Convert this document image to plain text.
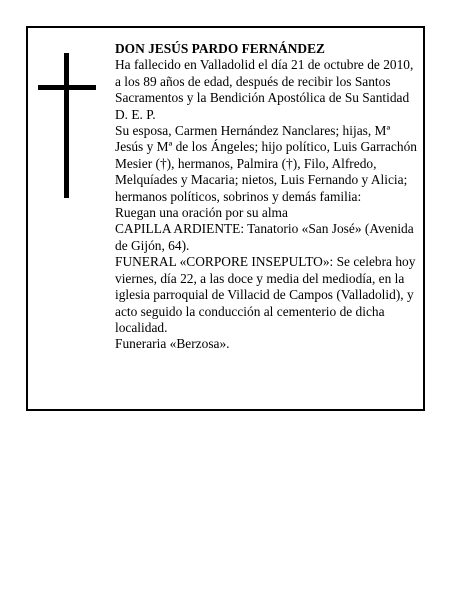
DON JESÚS PARDO FERNÁNDEZ

Ha fallecido en Valladolid el día 21 de octubre de 2010, a los 89 años de edad, después de recibir los Santos Sacramentos y la Bendición Apostólica de Su Santidad

D. E. P.

Su esposa, Carmen Hernández Nanclares; hijas, Mª Jesús y Mª de los Ángeles; hijo político, Luis Garrachón Mesier (†), hermanos, Palmira (†), Filo, Alfredo, Melquíades y Macaria; nietos, Luis Fernando y Alicia; hermanos políticos, sobrinos y demás familia:

Ruegan una oración por su alma

CAPILLA ARDIENTE: Tanatorio «San José» (Avenida de Gijón, 64).

FUNERAL «CORPORE INSEPULTO»: Se celebra hoy viernes, día 22, a las doce y media del mediodía, en la iglesia parroquial de Villacid de Campos (Valladolid), y acto seguido la conducción al cementerio de dicha localidad.

Funeraria «Berzosa».
